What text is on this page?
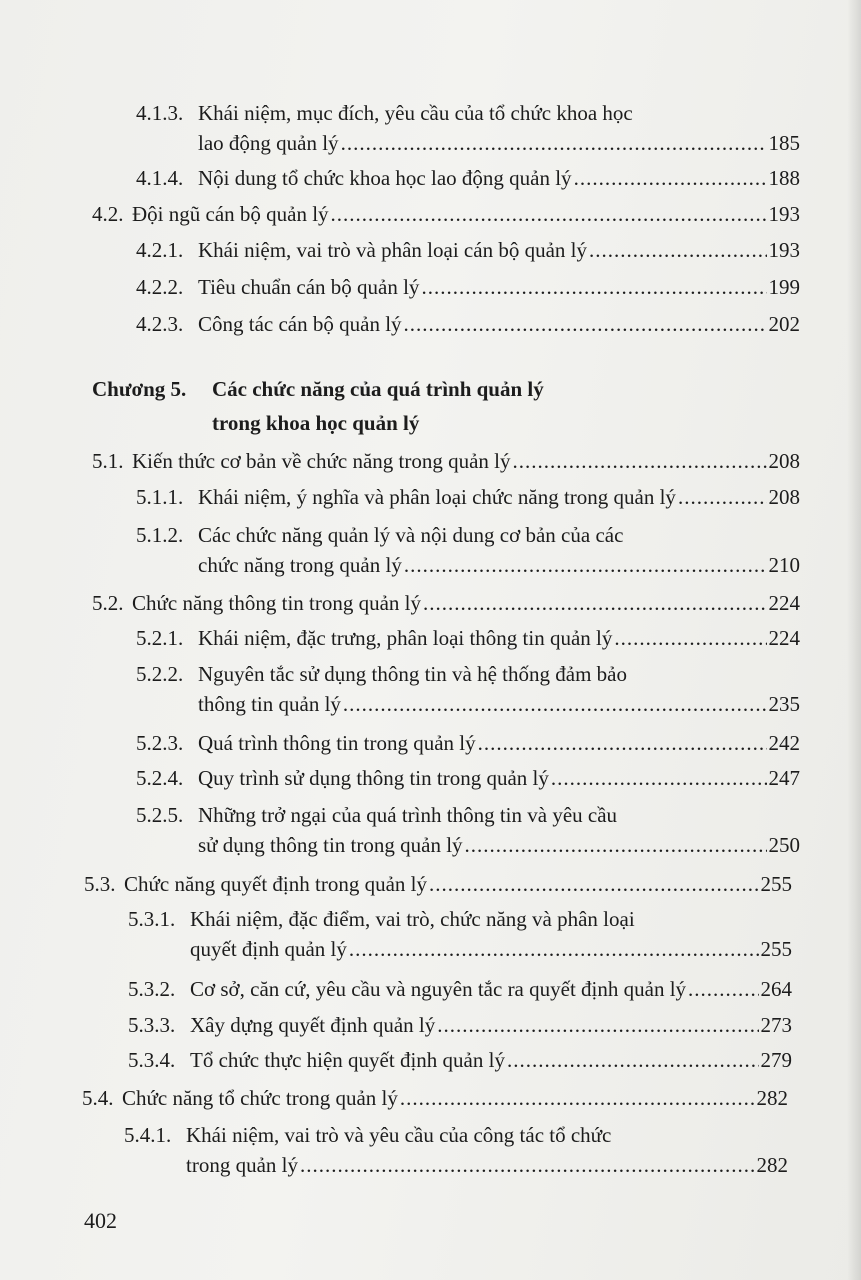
4.1.3. Khái niệm, mục đích, yêu cầu của tổ chức khoa học
lao động quản lý .....	185
4.1.4. Nội dung tổ chức khoa học lao động quản lý .....	188
4.2. Đội ngũ cán bộ quản lý .....	193
4.2.1. Khái niệm, vai trò và phân loại cán bộ quản lý .....	193
4.2.2. Tiêu chuẩn cán bộ quản lý .....	199
4.2.3. Công tác cán bộ quản lý .....	202
Chương 5. Các chức năng của quá trình quản lý
trong khoa học quản lý
5.1. Kiến thức cơ bản về chức năng trong quản lý .....	208
5.1.1. Khái niệm, ý nghĩa và phân loại chức năng trong quản lý .....	208
5.1.2. Các chức năng quản lý và nội dung cơ bản của các
chức năng trong quản lý .....	210
5.2. Chức năng thông tin trong quản lý .....	224
5.2.1. Khái niệm, đặc trưng, phân loại thông tin quản lý .....	224
5.2.2. Nguyên tắc sử dụng thông tin và hệ thống đảm bảo
thông tin quản lý .....	235
5.2.3. Quá trình thông tin trong quản lý .....	242
5.2.4. Quy trình sử dụng thông tin trong quản lý .....	247
5.2.5. Những trở ngại của quá trình thông tin và yêu cầu
sử dụng thông tin trong quản lý .....	250
5.3. Chức năng quyết định trong quản lý .....	255
5.3.1. Khái niệm, đặc điểm, vai trò, chức năng và phân loại
quyết định quản lý .....	255
5.3.2. Cơ sở, căn cứ, yêu cầu và nguyên tắc ra quyết định quản lý .....	264
5.3.3. Xây dựng quyết định quản lý .....	273
5.3.4. Tổ chức thực hiện quyết định quản lý .....	279
5.4. Chức năng tổ chức trong quản lý .....	282
5.4.1. Khái niệm, vai trò và yêu cầu của công tác tổ chức
trong quản lý .....	282
402
